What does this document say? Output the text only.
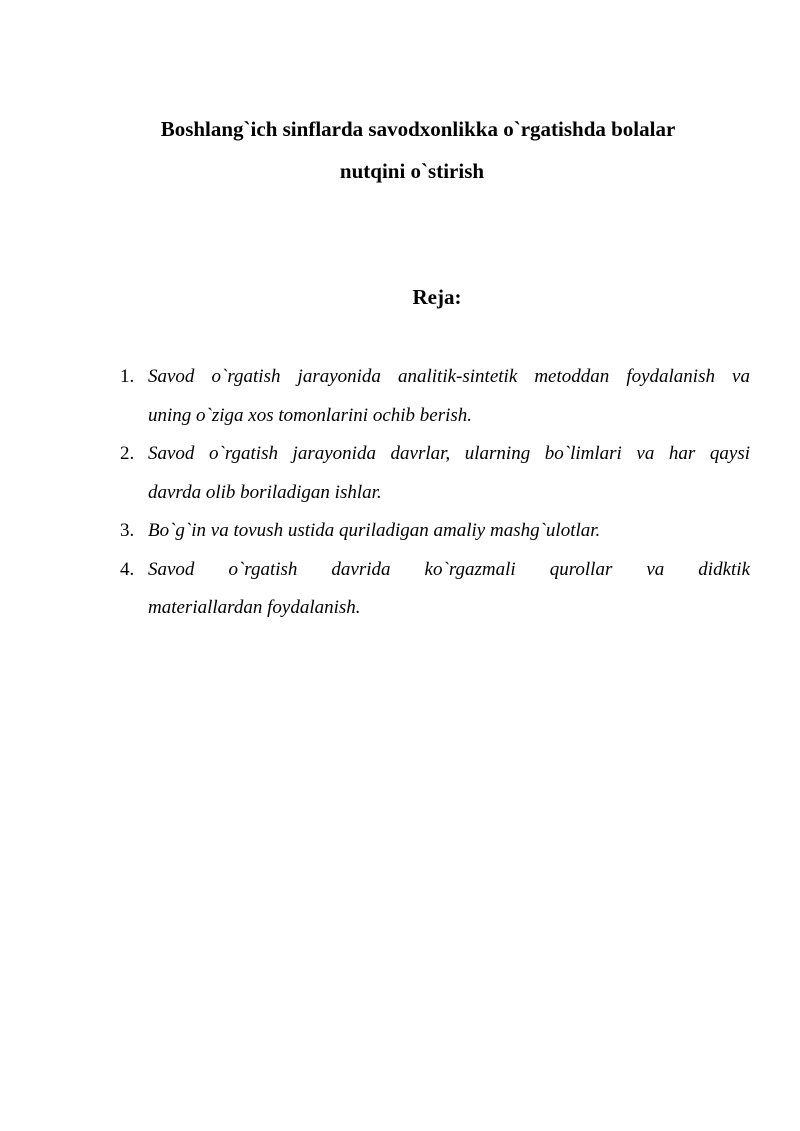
Boshlang`ich sinflarda savodxonlikka o`rgatishda bolalar
nutqini o`stirish
Reja:
1. Savod o`rgatish jarayonida analitik-sintetik metoddan foydalanish va
uning o`ziga xos tomonlarini ochib berish.
2. Savod o`rgatish jarayonida davrlar, ularning bo`limlari va har qaysi
davrda olib boriladigan ishlar.
3. Bo`g`in va tovush ustida quriladigan amaliy mashg`ulotlar.
4. Savod o`rgatish davrida ko`rgazmali qurollar va didktik
materiallardan foydalanish.
